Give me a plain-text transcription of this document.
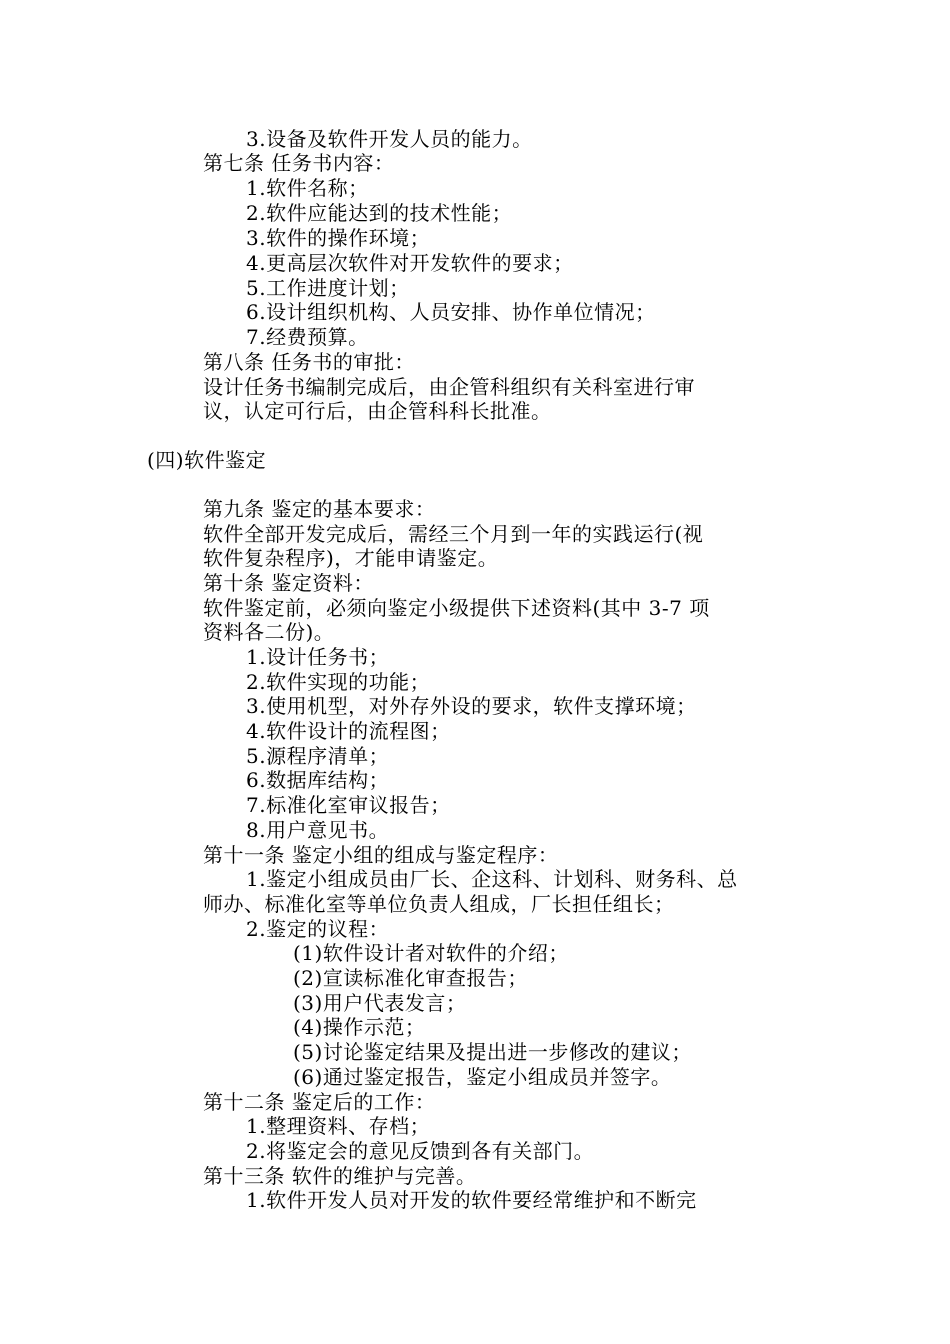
3.设备及软件开发人员的能力。
第七条 任务书内容：
1.软件名称；
2.软件应能达到的技术性能；
3.软件的操作环境；
4.更高层次软件对开发软件的要求；
5.工作进度计划；
6.设计组织机构、人员安排、协作单位情况；
7.经费预算。
第八条 任务书的审批：
设计任务书编制完成后，由企管科组织有关科室进行审
议，认定可行后，由企管科科长批准。
(四)软件鉴定
第九条 鉴定的基本要求：
软件全部开发完成后，需经三个月到一年的实践运行(视
软件复杂程序)，才能申请鉴定。
第十条 鉴定资料：
软件鉴定前，必须向鉴定小级提供下述资料(其中 3-7 项
资料各二份)。
1.设计任务书；
2.软件实现的功能；
3.使用机型，对外存外设的要求，软件支撑环境；
4.软件设计的流程图；
5.源程序清单；
6.数据库结构；
7.标准化室审议报告；
8.用户意见书。
第十一条 鉴定小组的组成与鉴定程序：
1.鉴定小组成员由厂长、企这科、计划科、财务科、总
师办、标准化室等单位负责人组成，厂长担任组长；
2.鉴定的议程：
(1)软件设计者对软件的介绍；
(2)宣读标准化审查报告；
(3)用户代表发言；
(4)操作示范；
(5)讨论鉴定结果及提出进一步修改的建议；
(6)通过鉴定报告，鉴定小组成员并签字。
第十二条 鉴定后的工作：
1.整理资料、存档；
2.将鉴定会的意见反馈到各有关部门。
第十三条 软件的维护与完善。
1.软件开发人员对开发的软件要经常维护和不断完
